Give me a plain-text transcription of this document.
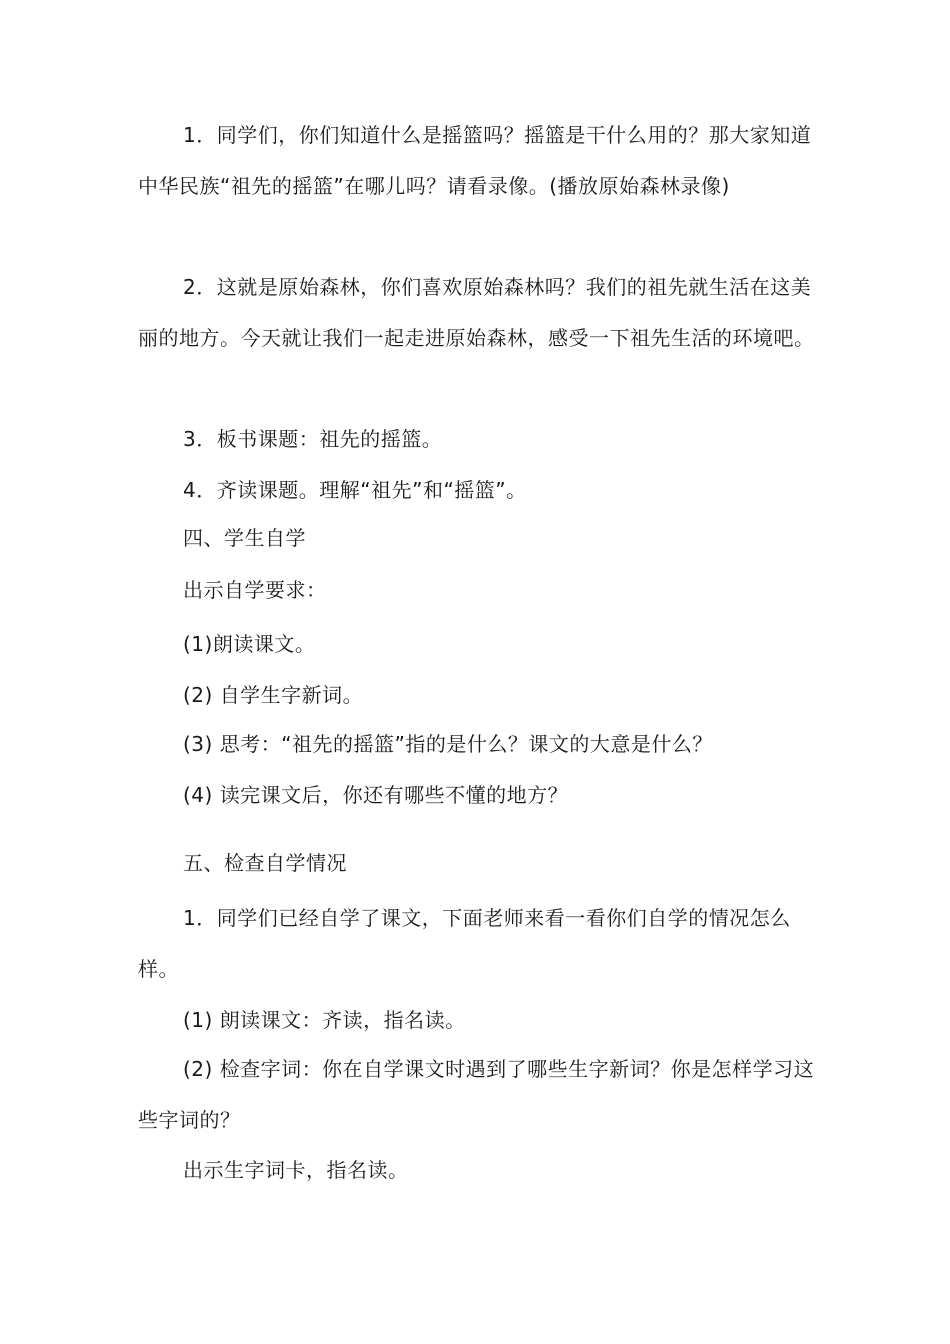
1．同学们，你们知道什么是摇篮吗？摇篮是干什么用的？那大家知道中华民族“祖先的摇篮”在哪儿吗？请看录像。(播放原始森林录像)

2．这就是原始森林，你们喜欢原始森林吗？我们的祖先就生活在这美丽的地方。今天就让我们一起走进原始森林，感受一下祖先生活的环境吧。

3．板书课题：祖先的摇篮。

4．齐读课题。理解“祖先”和“摇篮”。

四、学生自学

出示自学要求：

(1)朗读课文。

(2) 自学生字新词。

(3) 思考：“祖先的摇篮”指的是什么？课文的大意是什么？

(4) 读完课文后，你还有哪些不懂的地方？

五、检查自学情况

1．同学们已经自学了课文，下面老师来看一看你们自学的情况怎么样。

(1) 朗读课文：齐读，指名读。

(2) 检查字词：你在自学课文时遇到了哪些生字新词？你是怎样学习这些字词的？

出示生字词卡，指名读。
